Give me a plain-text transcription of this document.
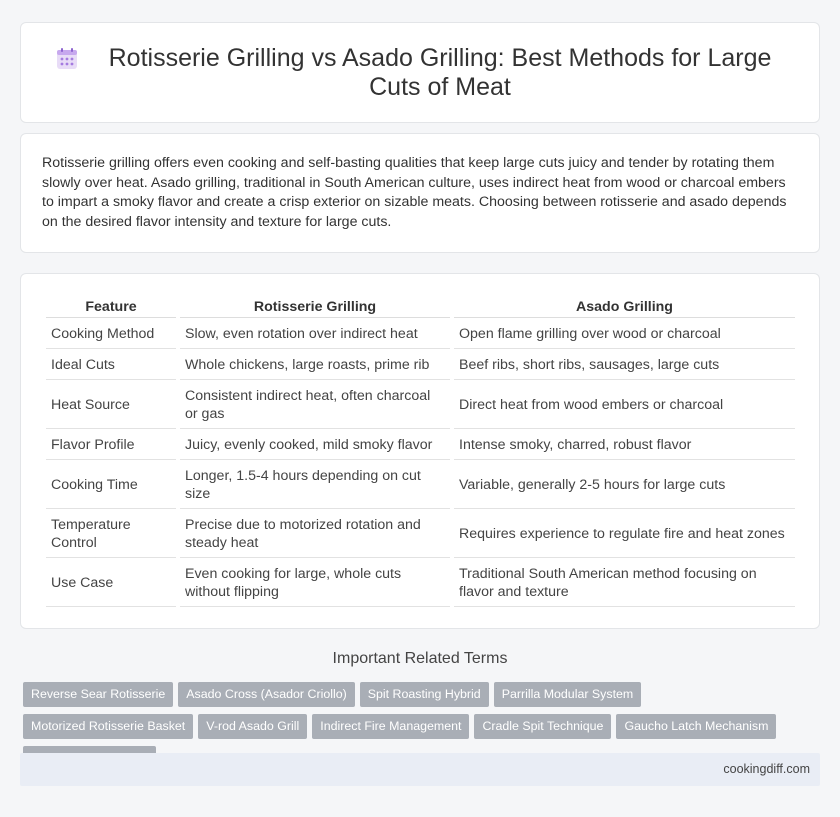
Rotisserie Grilling vs Asado Grilling: Best Methods for Large Cuts of Meat

Rotisserie grilling offers even cooking and self-basting qualities that keep large cuts juicy and tender by rotating them slowly over heat. Asado grilling, traditional in South American culture, uses indirect heat from wood or charcoal embers to impart a smoky flavor and create a crisp exterior on sizable meats. Choosing between rotisserie and asado depends on the desired flavor intensity and texture for large cuts.

Feature	Rotisserie Grilling	Asado Grilling
Cooking Method	Slow, even rotation over indirect heat	Open flame grilling over wood or charcoal
Ideal Cuts	Whole chickens, large roasts, prime rib	Beef ribs, short ribs, sausages, large cuts
Heat Source	Consistent indirect heat, often charcoal or gas	Direct heat from wood embers or charcoal
Flavor Profile	Juicy, evenly cooked, mild smoky flavor	Intense smoky, charred, robust flavor
Cooking Time	Longer, 1.5-4 hours depending on cut size	Variable, generally 2-5 hours for large cuts
Temperature Control	Precise due to motorized rotation and steady heat	Requires experience to regulate fire and heat zones
Use Case	Even cooking for large, whole cuts without flipping	Traditional South American method focusing on flavor and texture
Important Related Terms
Reverse Sear Rotisserie Asado Cross (Asador Criollo) Spit Roasting Hybrid Parrilla Modular SystemMotorized Rotisserie Basket V-rod Asado Grill Indirect Fire Management Cradle Spit Technique Gaucho Latch Mechanism
cookingdiff.com
